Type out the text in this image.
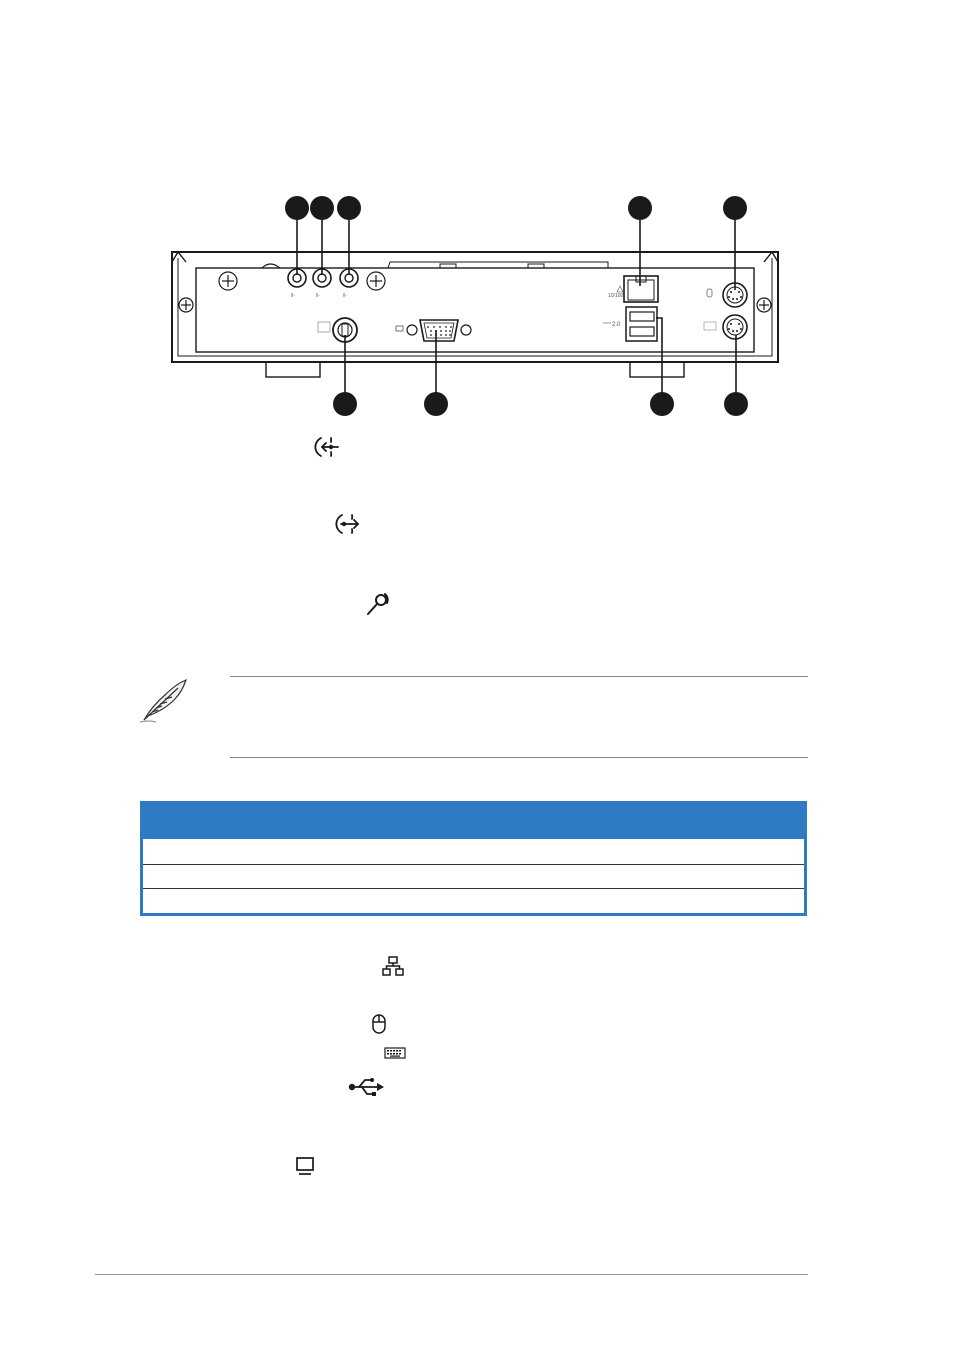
ǁ◦	ǁ◦	ǁ◦	10/100
2.0
